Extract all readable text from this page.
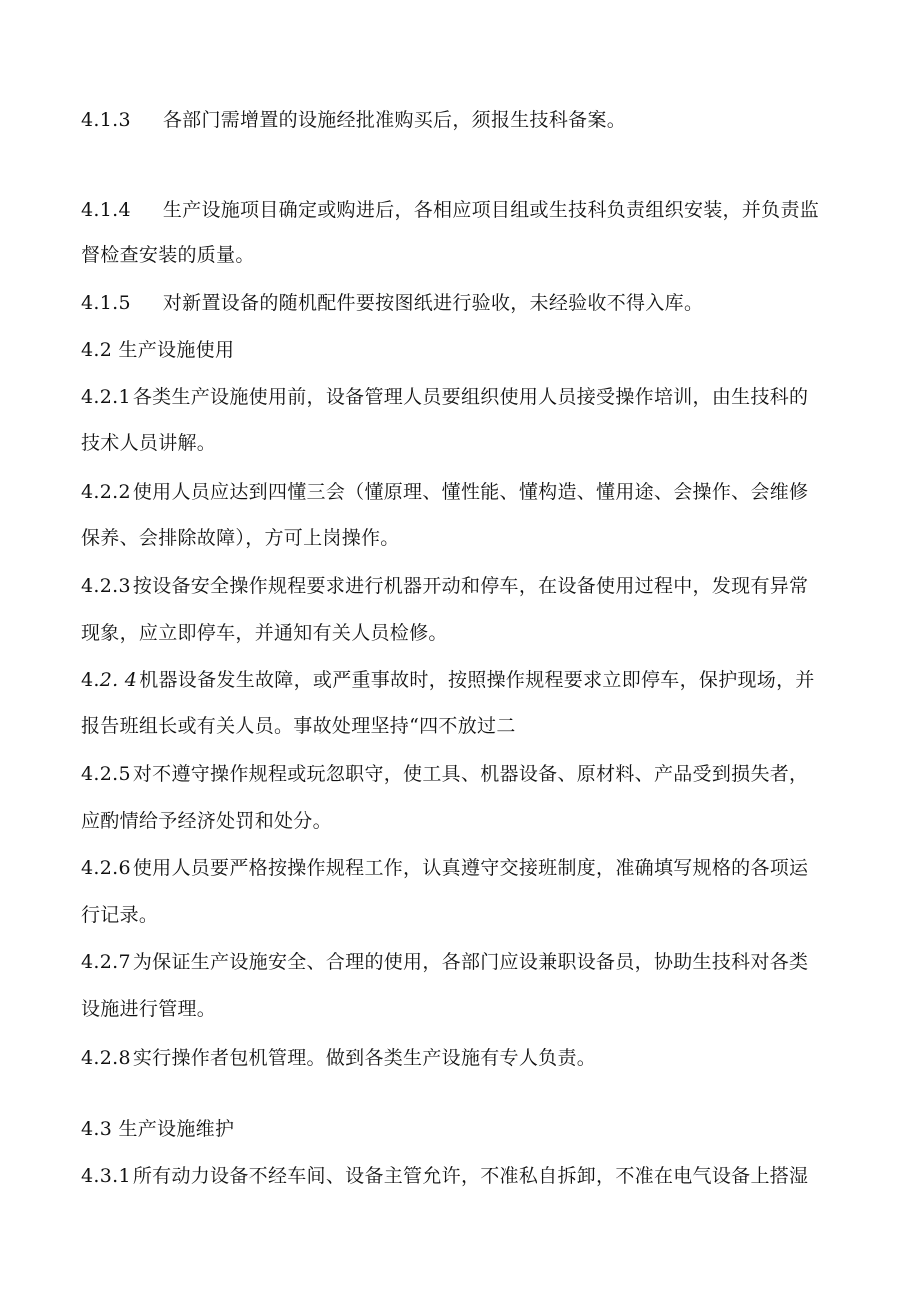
4.1.3 各部门需增置的设施经批准购买后，须报生技科备案。
4.1.4 生产设施项目确定或购进后，各相应项目组或生技科负责组织安装，并负责监
督检查安装的质量。
4.1.5 对新置设备的随机配件要按图纸进行验收，未经验收不得入库。
4.2 生产设施使用
4.2.1 各类生产设施使用前，设备管理人员要组织使用人员接受操作培训，由生技科的
技术人员讲解。
4.2.2 使用人员应达到四懂三会（懂原理、懂性能、懂构造、懂用途、会操作、会维修
保养、会排除故障），方可上岗操作。
4.2.3 按设备安全操作规程要求进行机器开动和停车，在设备使用过程中，发现有异常
现象，应立即停车，并通知有关人员检修。
4.2. 4 机器设备发生故障，或严重事故时，按照操作规程要求立即停车，保护现场，并
报告班组长或有关人员。事故处理坚持“四不放过二
4.2.5 对不遵守操作规程或玩忽职守，使工具、机器设备、原材料、产品受到损失者，
应酌情给予经济处罚和处分。
4.2.6 使用人员要严格按操作规程工作，认真遵守交接班制度，准确填写规格的各项运
行记录。
4.2.7 为保证生产设施安全、合理的使用，各部门应设兼职设备员，协助生技科对各类
设施进行管理。
4.2.8 实行操作者包机管理。做到各类生产设施有专人负责。
4.3 生产设施维护
4.3.1 所有动力设备不经车间、设备主管允许，不准私自拆卸，不准在电气设备上搭湿
